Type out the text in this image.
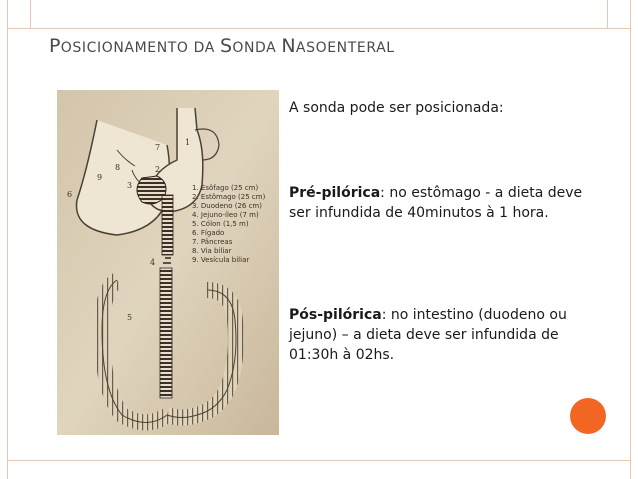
POSICIONAMENTO DA SONDA NASOENTERAL
1. Esôfago (25 cm)
2. Estômago (25 cm)
3. Duodeno (26 cm)
4. Jejuno-íleo (7 m)
5. Cólon (1,5 m)
6. Fígado
7. Pâncreas
8. Via biliar
9. Vesícula biliar
1
2
3
4
5
6
7
8
9
A sonda pode ser posicionada:
Pré-pilórica: no estômago - a dieta deve ser infundida de 40minutos à 1 hora.
Pós-pilórica: no intestino (duodeno ou jejuno) – a dieta deve ser infundida de 01:30h à 02hs.
